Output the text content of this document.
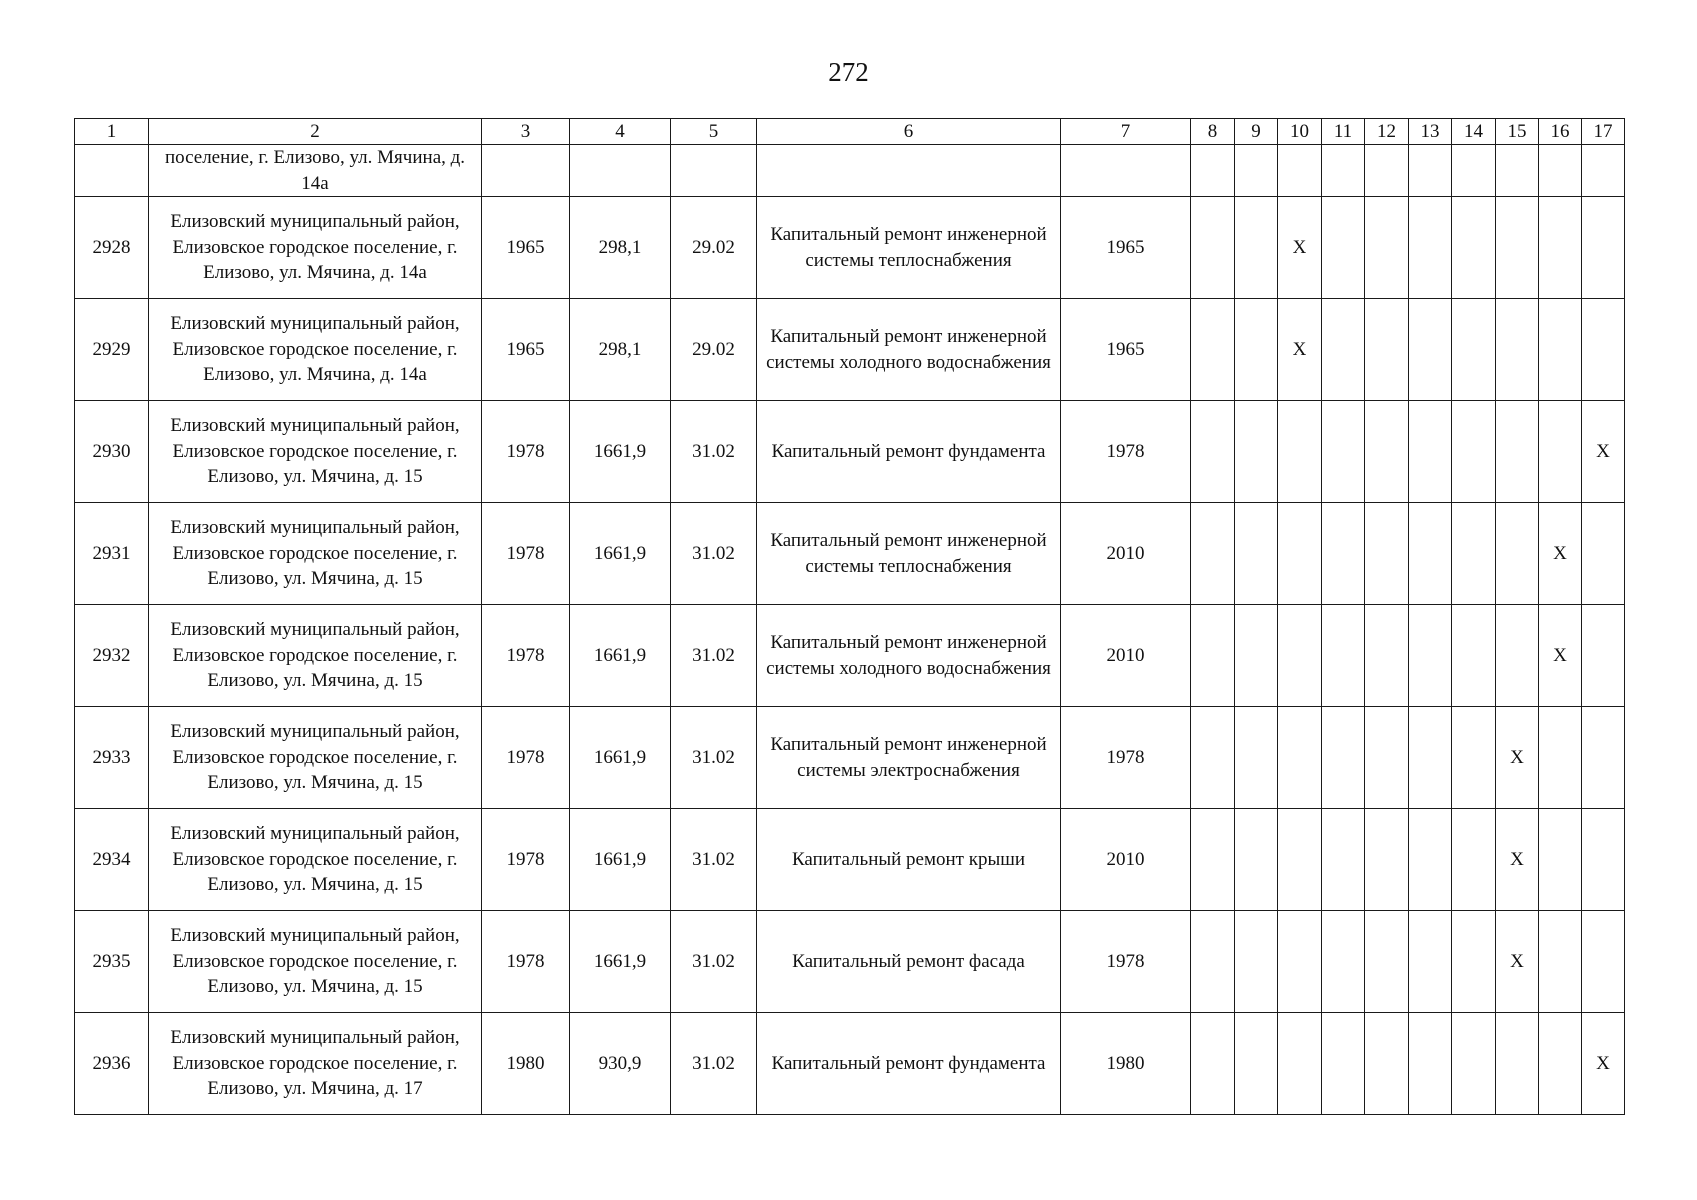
272
1	2	3	4	5	6	7	8	9	10	11	12	13	14	15	16	17
	поселение, г. Елизово, ул. Мячина, д. 14а															
2928	Елизовский муниципальный район, Елизовское городское поселение, г. Елизово, ул. Мячина, д. 14а	1965	298,1	29.02	Капитальный ремонт инженерной системы теплоснабжения	1965			X							
2929	Елизовский муниципальный район, Елизовское городское поселение, г. Елизово, ул. Мячина, д. 14а	1965	298,1	29.02	Капитальный ремонт инженерной системы холодного водоснабжения	1965			X							
2930	Елизовский муниципальный район, Елизовское городское поселение, г. Елизово, ул. Мячина, д. 15	1978	1661,9	31.02	Капитальный ремонт фундамента	1978										X
2931	Елизовский муниципальный район, Елизовское городское поселение, г. Елизово, ул. Мячина, д. 15	1978	1661,9	31.02	Капитальный ремонт инженерной системы теплоснабжения	2010									X	
2932	Елизовский муниципальный район, Елизовское городское поселение, г. Елизово, ул. Мячина, д. 15	1978	1661,9	31.02	Капитальный ремонт инженерной системы холодного водоснабжения	2010									X	
2933	Елизовский муниципальный район, Елизовское городское поселение, г. Елизово, ул. Мячина, д. 15	1978	1661,9	31.02	Капитальный ремонт инженерной системы электроснабжения	1978								X		
2934	Елизовский муниципальный район, Елизовское городское поселение, г. Елизово, ул. Мячина, д. 15	1978	1661,9	31.02	Капитальный ремонт крыши	2010								X		
2935	Елизовский муниципальный район, Елизовское городское поселение, г. Елизово, ул. Мячина, д. 15	1978	1661,9	31.02	Капитальный ремонт фасада	1978								X		
2936	Елизовский муниципальный район, Елизовское городское поселение, г. Елизово, ул. Мячина, д. 17	1980	930,9	31.02	Капитальный ремонт фундамента	1980										X
